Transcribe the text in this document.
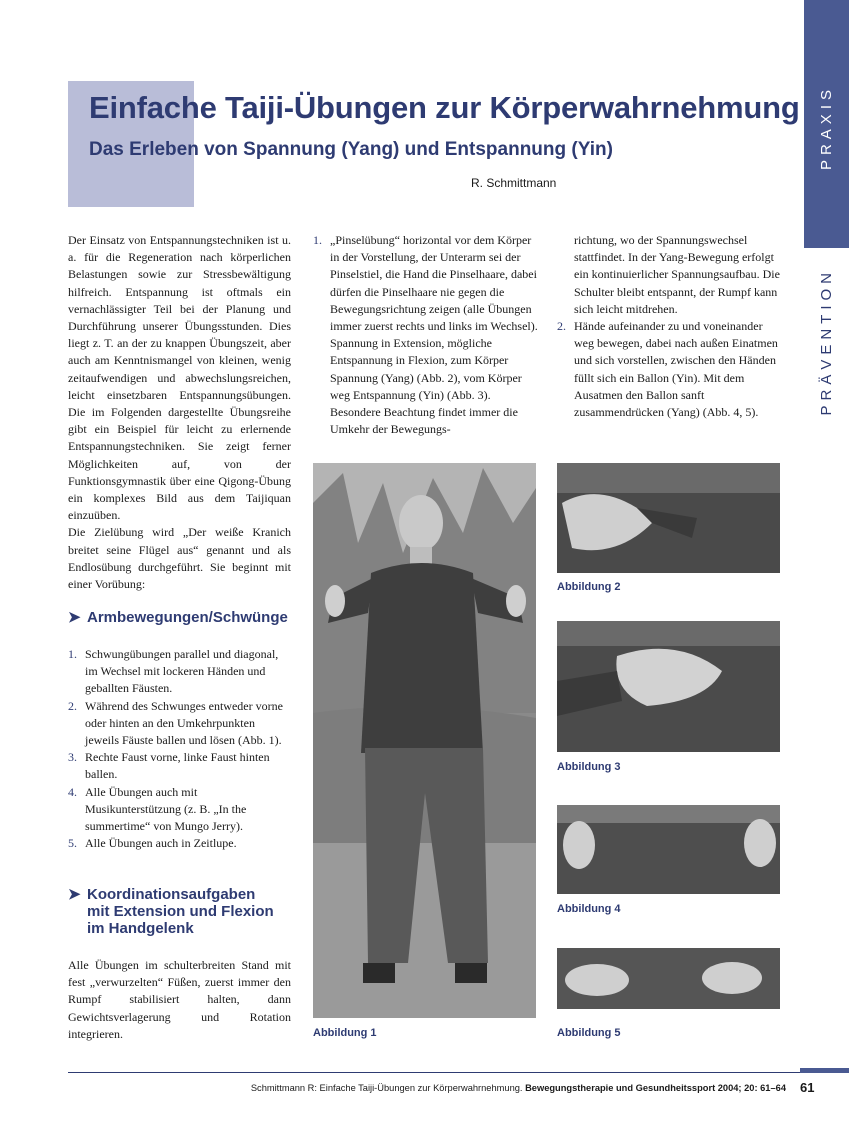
Einfache Taiji-Übungen zur Körperwahrnehmung
Das Erleben von Spannung (Yang) und Entspannung (Yin)
R. Schmittmann
PRAXIS
PRÄVENTION

Der Einsatz von Entspannungstechniken ist u. a. für die Regeneration nach körperlichen Belastungen sowie zur Stressbewältigung hilfreich. Entspannung ist oftmals ein vernachlässigter Teil bei der Planung und Durchführung unserer Übungsstunden. Dies liegt z. T. an der zu knappen Übungszeit, aber auch am Kenntnismangel von kleinen, wenig zeitaufwendigen und abwechslungsreichen, leicht einsetzbaren Entspannungsübungen. Die im Folgenden dargestellte Übungsreihe gibt ein Beispiel für leicht zu erlernende Entspannungstechniken. Sie zeigt ferner Möglichkeiten auf, von der Funktionsgymnastik über eine Qigong-Übung ein komplexes Bild aus dem Taijiquan einzuüben.

Die Zielübung wird „Der weiße Kranich breitet seine Flügel aus“ genannt und als Endlosübung durchgeführt. Sie beginnt mit einer Vorübung:

➤ Armbewegungen/Schwünge
1. Schwungübungen parallel und diagonal, im Wechsel mit lockeren Händen und geballten Fäusten.
2. Während des Schwunges entweder vorne oder hinten an den Umkehrpunkten jeweils Fäuste ballen und lösen (Abb. 1).
3. Rechte Faust vorne, linke Faust hinten ballen.
4. Alle Übungen auch mit Musikunterstützung (z. B. „In the summertime“ von Mungo Jerry).
5. Alle Übungen auch in Zeitlupe.
➤ Koordinationsaufgaben
mit Extension und Flexion
im Handgelenk

Alle Übungen im schulterbreiten Stand mit fest „verwurzelten“ Füßen, zuerst immer den Rumpf stabilisiert halten, dann Gewichtsverlagerung und Rotation integrieren.

1. „Pinselübung“ horizontal vor dem Körper in der Vorstellung, der Unterarm sei der Pinselstiel, die Hand die Pinselhaare, dabei dürfen die Pinselhaare nie gegen die Bewegungsrichtung zeigen (alle Übungen immer zuerst rechts und links im Wechsel). Spannung in Extension, mögliche Entspannung in Flexion, zum Körper Spannung (Yang) (Abb. 2), vom Körper weg Entspannung (Yin) (Abb. 3). Besondere Beachtung findet immer die Umkehr der Bewegungs-
richtung, wo der Spannungswechsel stattfindet. In der Yang-Bewegung erfolgt ein kontinuierlicher Spannungsaufbau. Die Schulter bleibt entspannt, der Rumpf kann sich leicht mitdrehen.
2. Hände aufeinander zu und voneinander weg bewegen, dabei nach außen Einatmen und sich vorstellen, zwischen den Händen füllt sich ein Ballon (Yin). Mit dem Ausatmen den Ballon sanft zusammendrücken (Yang) (Abb. 4, 5).
Abbildung 1
Abbildung 2
Abbildung 3
Abbildung 4
Abbildung 5
Schmittmann R: Einfache Taiji-Übungen zur Körperwahrnehmung. Bewegungstherapie und Gesundheitssport 2004; 20: 61–64 61
